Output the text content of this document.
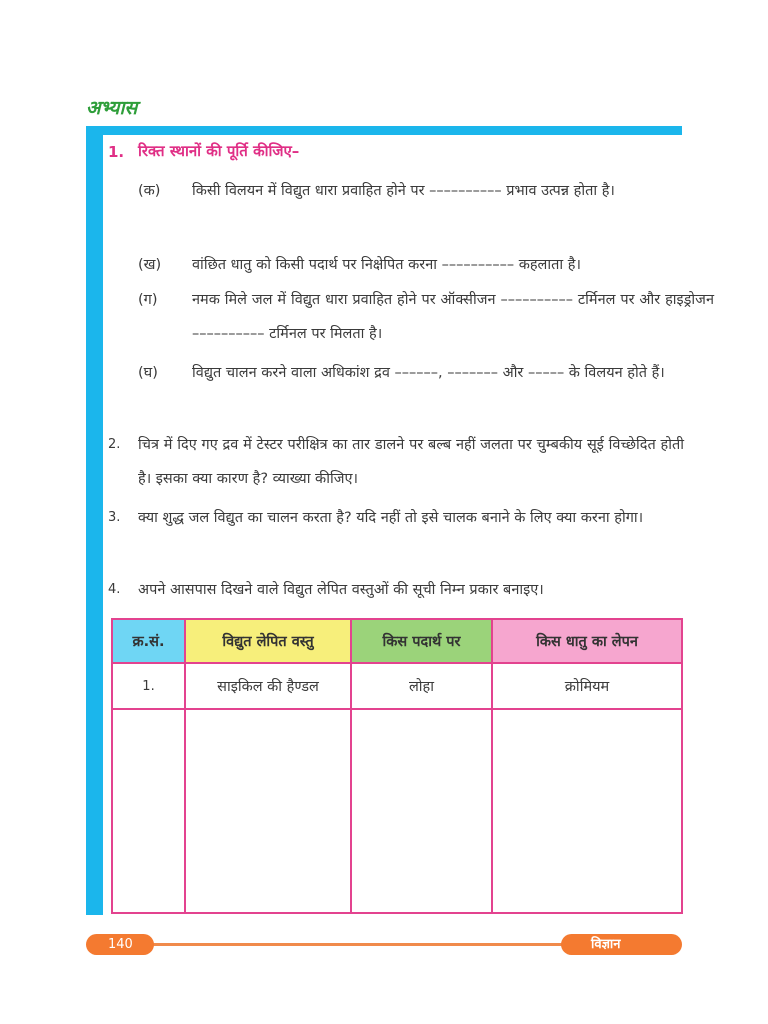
अभ्यास
1. रिक्त स्थानों की पूर्ति कीजिए–
(क)	किसी विलयन में विद्युत धारा प्रवाहित होने पर –––––––––– प्रभाव उत्पन्न होता है।
(ख)	वांछित धातु को किसी पदार्थ पर निक्षेपित करना –––––––––– कहलाता है।
(ग)	नमक मिले जल में विद्युत धारा प्रवाहित होने पर ऑक्सीजन –––––––––– टर्मिनल पर और हाइड्रोजन –––––––––– टर्मिनल पर मिलता है।
(घ)	विद्युत चालन करने वाला अधिकांश द्रव ––––––, ––––––– और ––––– के विलयन होते हैं।
2.	चित्र में दिए गए द्रव में टेस्टर परीक्षित्र का तार डालने पर बल्ब नहीं जलता पर चुम्बकीय सूई विच्छेदित होती है। इसका क्या कारण है? व्याख्या कीजिए।
3.	क्या शुद्ध जल विद्युत का चालन करता है? यदि नहीं तो इसे चालक बनाने के लिए क्या करना होगा।
4.	अपने आसपास दिखने वाले विद्युत लेपित वस्तुओं की सूची निम्न प्रकार बनाइए।
क्र.सं.	विद्युत लेपित वस्तु	किस पदार्थ पर	किस धातु का लेपन
1.	साइकिल की हैण्डल	लोहा	क्रोमियम

140	विज्ञान
